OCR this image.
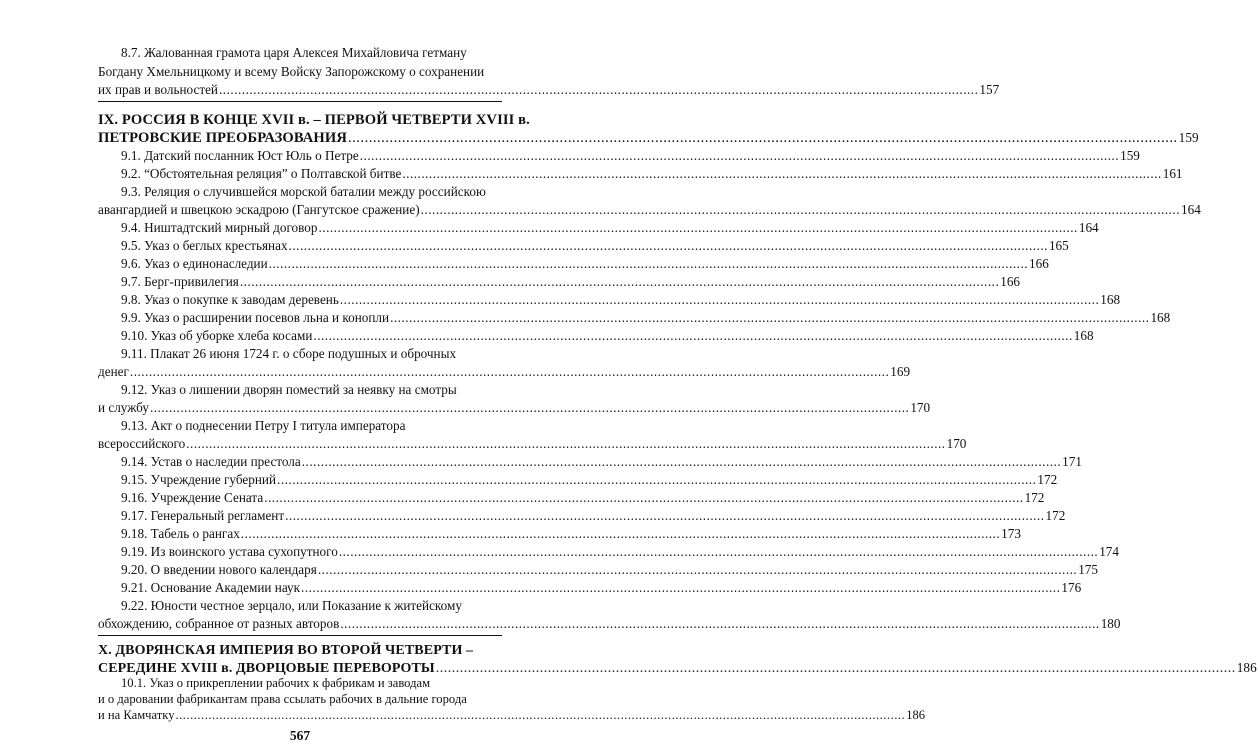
8.7. Жалованная грамота царя Алексея Михайловича гетману
Богдану Хмельницкому и всему Войску Запорожскому о сохранении
их прав и вольностей ........................................................................................................................................................................................................ 157
IX. РОССИЯ В КОНЦЕ XVII в. – ПЕРВОЙ ЧЕТВЕРТИ XVIII в.
ПЕТРОВСКИЕ ПРЕОБРАЗОВАНИЯ ........................................................................................................................................................................................................ 159
9.1. Датский посланник Юст Юль о Петре ........................................................................................................................................................................................................ 159
9.2. “Обстоятельная реляция” о Полтавской битве ........................................................................................................................................................................................................ 161
9.3. Реляция о случившейся морской баталии между российскою
авангардией и швецкою эскадрою (Гангутское сражение) ........................................................................................................................................................................................................ 164
9.4. Ништадтский мирный договор ........................................................................................................................................................................................................ 164
9.5. Указ о беглых крестьянах ........................................................................................................................................................................................................ 165
9.6. Указ о единонаследии ........................................................................................................................................................................................................ 166
9.7. Берг-привилегия ........................................................................................................................................................................................................ 166
9.8. Указ о покупке к заводам деревень ........................................................................................................................................................................................................ 168
9.9. Указ о расширении посевов льна и конопли ........................................................................................................................................................................................................ 168
9.10. Указ об уборке хлеба косами ........................................................................................................................................................................................................ 168
9.11. Плакат 26 июня 1724 г. о сборе подушных и оброчных
денег ........................................................................................................................................................................................................ 169
9.12. Указ о лишении дворян поместий за неявку на смотры
и службу ........................................................................................................................................................................................................ 170
9.13. Акт о поднесении Петру I титула императора
всероссийского ........................................................................................................................................................................................................ 170
9.14. Устав о наследии престола ........................................................................................................................................................................................................ 171
9.15. Учреждение губерний ........................................................................................................................................................................................................ 172
9.16. Учреждение Сената ........................................................................................................................................................................................................ 172
9.17. Генеральный регламент ........................................................................................................................................................................................................ 172
9.18. Табель о рангах ........................................................................................................................................................................................................ 173
9.19. Из воинского устава сухопутного ........................................................................................................................................................................................................ 174
9.20. О введении нового календаря ........................................................................................................................................................................................................ 175
9.21. Основание Академии наук ........................................................................................................................................................................................................ 176
9.22. Юности честное зерцало, или Показание к житейскому
обхождению, собранное от разных авторов ........................................................................................................................................................................................................ 180
X. ДВОРЯНСКАЯ ИМПЕРИЯ ВО ВТОРОЙ ЧЕТВЕРТИ –
СЕРЕДИНЕ XVIII в. ДВОРЦОВЫЕ ПЕРЕВОРОТЫ ........................................................................................................................................................................................................ 186
10.1. Указ о прикреплении рабочих к фабрикам и заводам
и о даровании фабрикантам права ссылать рабочих в дальние города
и на Камчатку ........................................................................................................................................................................................................ 186
567
